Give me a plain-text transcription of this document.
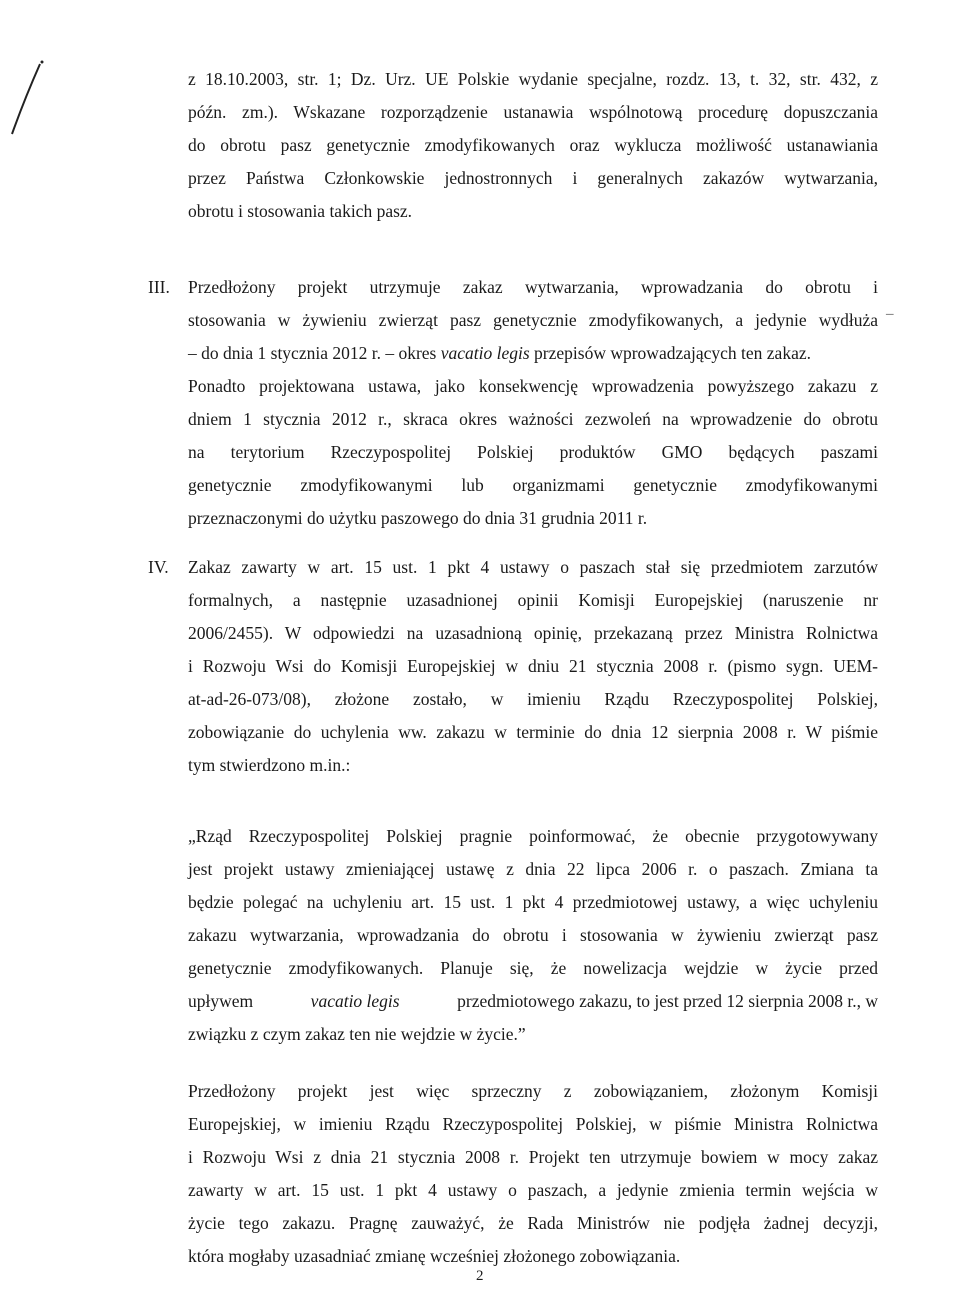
z 18.10.2003, str. 1; Dz. Urz. UE Polskie wydanie specjalne, rozdz. 13, t. 32, str. 432, z
późn. zm.). Wskazane rozporządzenie ustanawia wspólnotową procedurę dopuszczania
do obrotu pasz genetycznie zmodyfikowanych oraz wyklucza możliwość ustanawiania
przez Państwa Członkowskie jednostronnych i generalnych zakazów wytwarzania,
obrotu i stosowania takich pasz.
III. Przedłożony projekt utrzymuje zakaz wytwarzania, wprowadzania do obrotu i
stosowania w żywieniu zwierząt pasz genetycznie zmodyfikowanych, a jedynie wydłuża
– do dnia 1 stycznia 2012 r. – okres vacatio legis przepisów wprowadzających ten zakaz.
Ponadto projektowana ustawa, jako konsekwencję wprowadzenia powyższego zakazu z
dniem 1 stycznia 2012 r., skraca okres ważności zezwoleń na wprowadzenie do obrotu
na terytorium Rzeczypospolitej Polskiej produktów GMO będących paszami
genetycznie zmodyfikowanymi lub organizmami genetycznie zmodyfikowanymi
przeznaczonymi do użytku paszowego do dnia 31 grudnia 2011 r.
–
IV. Zakaz zawarty w art. 15 ust. 1 pkt 4 ustawy o paszach stał się przedmiotem zarzutów
formalnych, a następnie uzasadnionej opinii Komisji Europejskiej (naruszenie nr
2006/2455). W odpowiedzi na uzasadnioną opinię, przekazaną przez Ministra Rolnictwa
i Rozwoju Wsi do Komisji Europejskiej w dniu 21 stycznia 2008 r. (pismo sygn. UEM-
at-ad-26-073/08), złożone zostało, w imieniu Rządu Rzeczypospolitej Polskiej,
zobowiązanie do uchylenia ww. zakazu w terminie do dnia 12 sierpnia 2008 r. W piśmie
tym stwierdzono m.in.:
„Rząd Rzeczypospolitej Polskiej pragnie poinformować, że obecnie przygotowywany
jest projekt ustawy zmieniającej ustawę z dnia 22 lipca 2006 r. o paszach. Zmiana ta
będzie polegać na uchyleniu art. 15 ust. 1 pkt 4 przedmiotowej ustawy, a więc uchyleniu
zakazu wytwarzania, wprowadzania do obrotu i stosowania w żywieniu zwierząt pasz
genetycznie zmodyfikowanych. Planuje się, że nowelizacja wejdzie w życie przed
upływem	vacatio legis	przedmiotowego zakazu, to jest przed 12 sierpnia 2008 r., w
związku z czym zakaz ten nie wejdzie w życie.”
Przedłożony projekt jest więc sprzeczny z zobowiązaniem, złożonym Komisji
Europejskiej, w imieniu Rządu Rzeczypospolitej Polskiej, w piśmie Ministra Rolnictwa
i Rozwoju Wsi z dnia 21 stycznia 2008 r. Projekt ten utrzymuje bowiem w mocy zakaz
zawarty w art. 15 ust. 1 pkt 4 ustawy o paszach, a jedynie zmienia termin wejścia w
życie tego zakazu. Pragnę zauważyć, że Rada Ministrów nie podjęła żadnej decyzji,
która mogłaby uzasadniać zmianę wcześniej złożonego zobowiązania.
2
